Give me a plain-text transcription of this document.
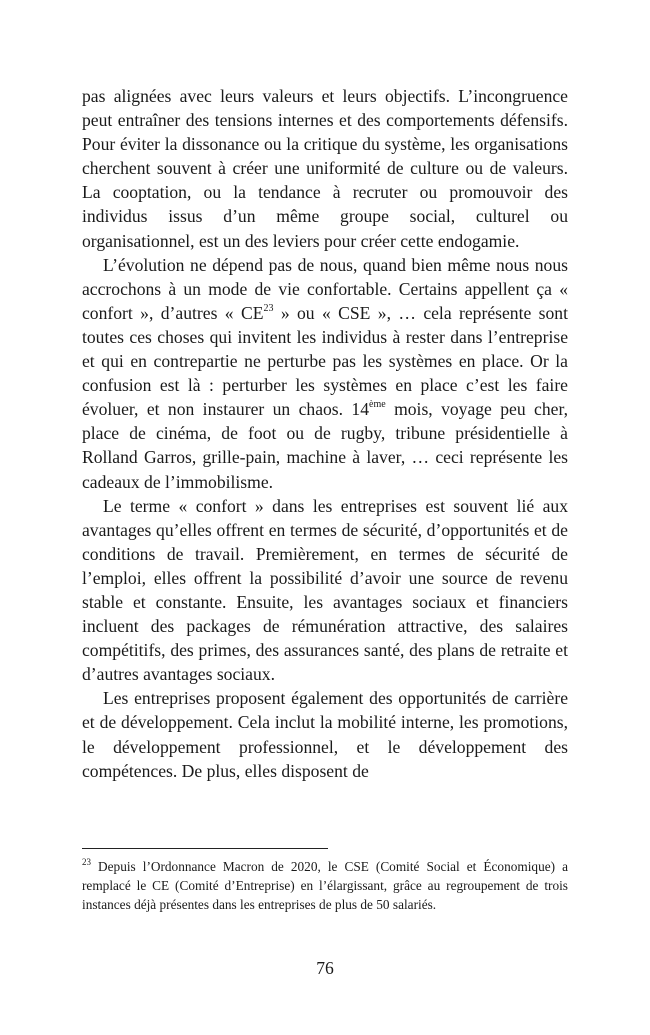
pas alignées avec leurs valeurs et leurs objectifs. L’incongruence peut entraîner des tensions internes et des comportements défensifs. Pour éviter la dissonance ou la critique du système, les organisations cherchent souvent à créer une uniformité de culture ou de valeurs. La cooptation, ou la tendance à recruter ou promouvoir des individus issus d’un même groupe social, culturel ou organisationnel, est un des leviers pour créer cette endogamie.

L’évolution ne dépend pas de nous, quand bien même nous nous accrochons à un mode de vie confortable. Certains appellent ça « confort », d’autres « CE$^{23}$ » ou « CSE », … cela représente sont toutes ces choses qui invitent les individus à rester dans l’entreprise et qui en contrepartie ne perturbe pas les systèmes en place. Or la confusion est là : perturber les systèmes en place c’est les faire évoluer, et non instaurer un chaos. 14ème mois, voyage peu cher, place de cinéma, de foot ou de rugby, tribune présidentielle à Rolland Garros, grille-pain, machine à laver, … ceci représente les cadeaux de l’immobilisme.

Le terme « confort » dans les entreprises est souvent lié aux avantages qu’elles offrent en termes de sécurité, d’opportunités et de conditions de travail. Premièrement, en termes de sécurité de l’emploi, elles offrent la possibilité d’avoir une source de revenu stable et constante. Ensuite, les avantages sociaux et financiers incluent des packages de rémunération attractive, des salaires compétitifs, des primes, des assurances santé, des plans de retraite et d’autres avantages sociaux.

Les entreprises proposent également des opportunités de carrière et de développement. Cela inclut la mobilité interne, les promotions, le développement professionnel, et le développement des compétences. De plus, elles disposent de

$^{23}$ Depuis l’Ordonnance Macron de 2020, le CSE (Comité Social et Économique) a remplacé le CE (Comité d’Entreprise) en l’élargissant, grâce au regroupement de trois instances déjà présentes dans les entreprises de plus de 50 salariés.
76
